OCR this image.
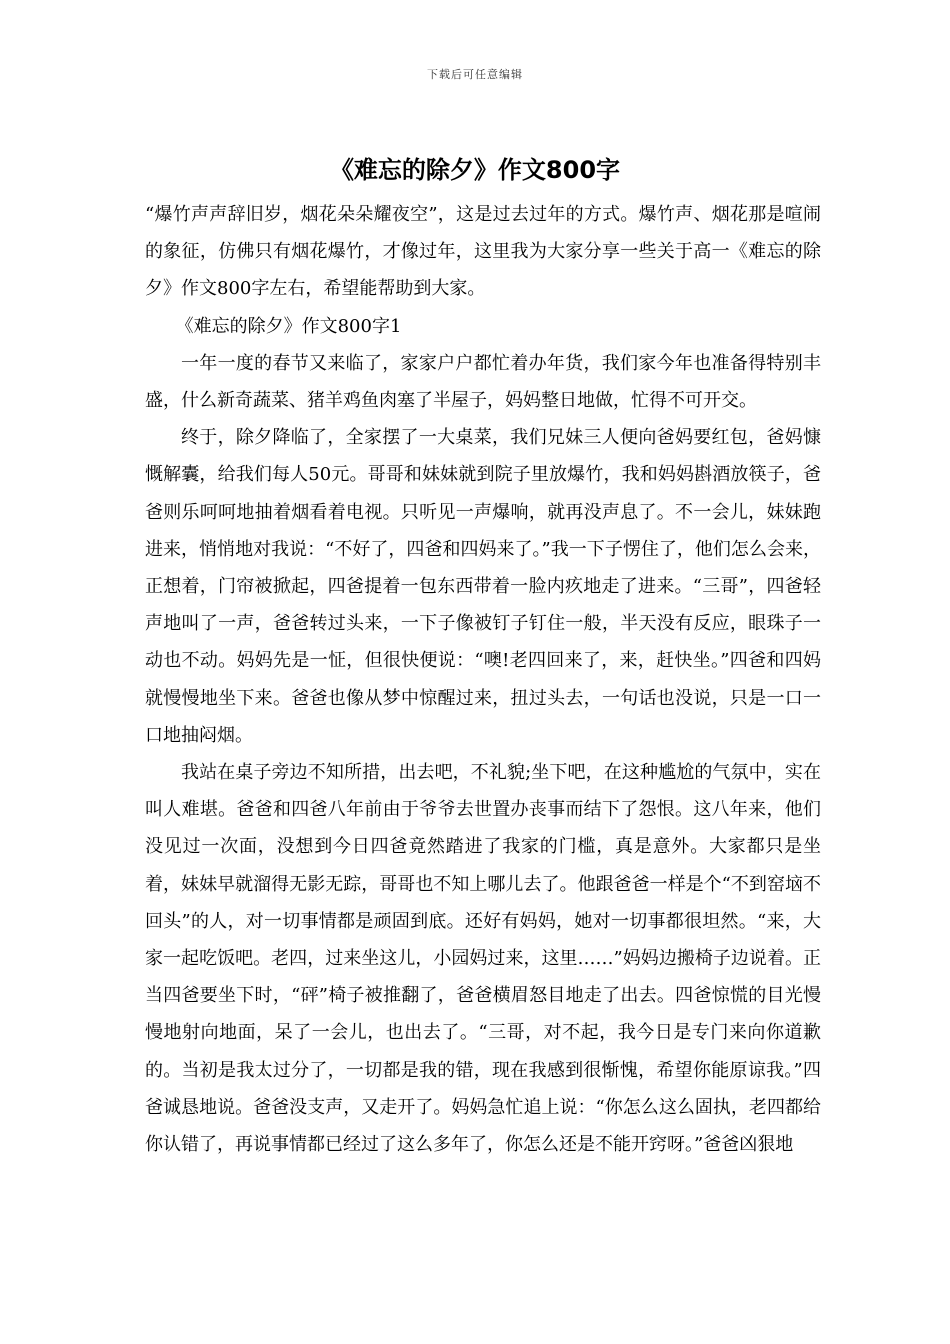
下载后可任意编辑
《难忘的除夕》作文800字

“爆竹声声辞旧岁，烟花朵朵耀夜空”，这是过去过年的方式。爆竹声、烟花那是喧闹的象征，仿佛只有烟花爆竹，才像过年，这里我为大家分享一些关于高一《难忘的除夕》作文800字左右，希望能帮助到大家。

《难忘的除夕》作文800字1

一年一度的春节又来临了，家家户户都忙着办年货，我们家今年也准备得特别丰盛，什么新奇蔬菜、猪羊鸡鱼肉塞了半屋子，妈妈整日地做，忙得不可开交。

终于，除夕降临了，全家摆了一大桌菜，我们兄妹三人便向爸妈要红包，爸妈慷慨解囊，给我们每人50元。哥哥和妹妹就到院子里放爆竹，我和妈妈斟酒放筷子，爸爸则乐呵呵地抽着烟看着电视。只听见一声爆响，就再没声息了。不一会儿，妹妹跑进来，悄悄地对我说：“不好了，四爸和四妈来了。”我一下子愣住了，他们怎么会来，正想着，门帘被掀起，四爸提着一包东西带着一脸内疚地走了进来。“三哥”，四爸轻声地叫了一声，爸爸转过头来，一下子像被钉子钉住一般，半天没有反应，眼珠子一动也不动。妈妈先是一怔，但很快便说：“噢!老四回来了，来，赶快坐。”四爸和四妈就慢慢地坐下来。爸爸也像从梦中惊醒过来，扭过头去，一句话也没说，只是一口一口地抽闷烟。

我站在桌子旁边不知所措，出去吧，不礼貌;坐下吧，在这种尴尬的气氛中，实在叫人难堪。爸爸和四爸八年前由于爷爷去世置办丧事而结下了怨恨。这八年来，他们没见过一次面，没想到今日四爸竟然踏进了我家的门槛，真是意外。大家都只是坐着，妹妹早就溜得无影无踪，哥哥也不知上哪儿去了。他跟爸爸一样是个“不到窑垴不回头”的人，对一切事情都是顽固到底。还好有妈妈，她对一切事都很坦然。“来，大家一起吃饭吧。老四，过来坐这儿，小园妈过来，这里……”妈妈边搬椅子边说着。正当四爸要坐下时，“砰”椅子被推翻了，爸爸横眉怒目地走了出去。四爸惊慌的目光慢慢地射向地面，呆了一会儿，也出去了。“三哥，对不起，我今日是专门来向你道歉的。当初是我太过分了，一切都是我的错，现在我感到很惭愧，希望你能原谅我。”四爸诚恳地说。爸爸没支声，又走开了。妈妈急忙追上说：“你怎么这么固执，老四都给你认错了，再说事情都已经过了这么多年了，你怎么还是不能开窍呀。”爸爸凶狠地
